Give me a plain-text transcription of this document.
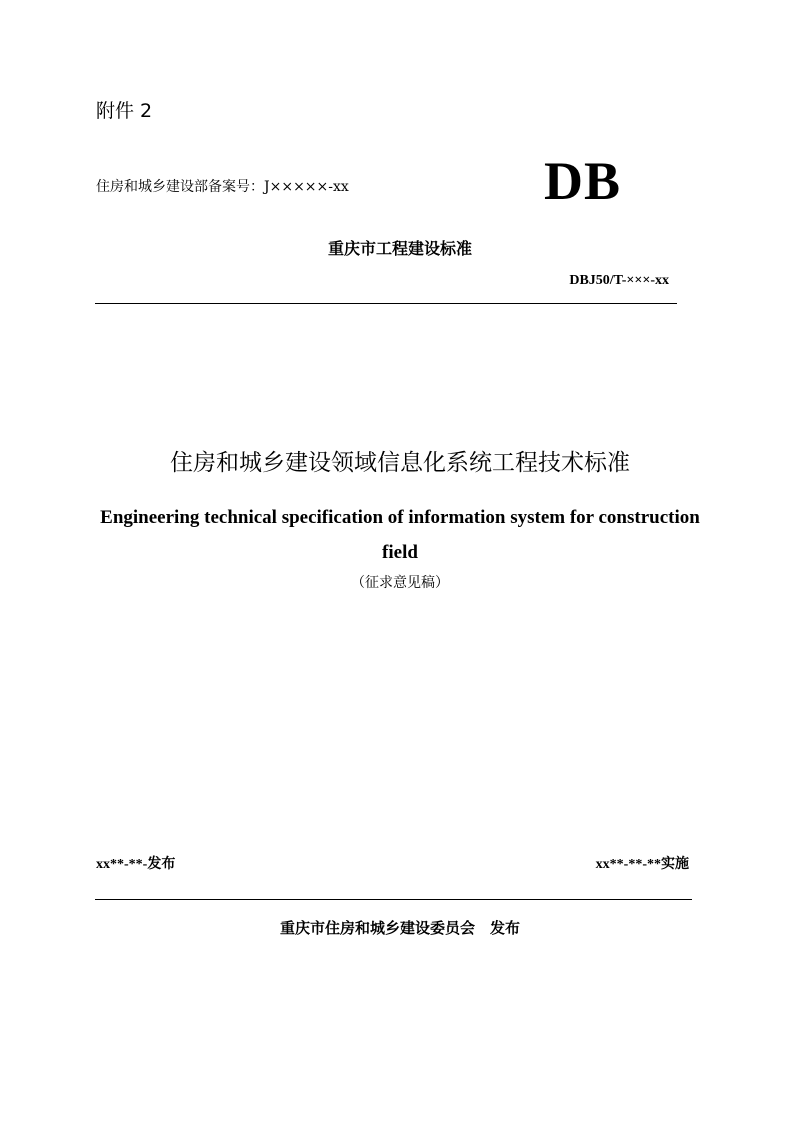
附件 2
住房和城乡建设部备案号：J×××××-xx	DB
重庆市工程建设标准
DBJ50/T-×××-xx
住房和城乡建设领域信息化系统工程技术标准
Engineering technical specification of information system for construction field
（征求意见稿）
xx**-**-发布	xx**-**-**实施
重庆市住房和城乡建设委员会　发布
